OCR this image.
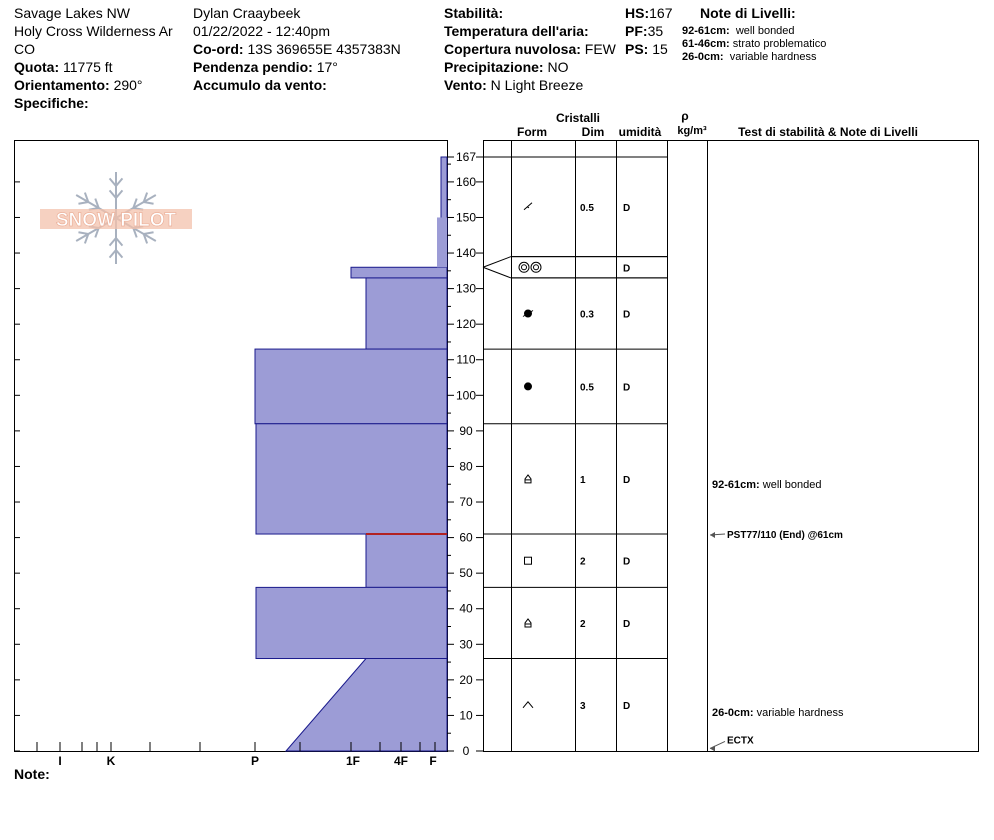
Savage Lakes NW
Holy Cross Wilderness Ar
CO
Quota: 11775 ft
Orientamento: 290°
Specifiche:
Dylan Craaybeek
01/22/2022 - 12:40pm
Co-ord: 13S 369655E 4357383N
Pendenza pendio: 17°
Accumulo da vento:
Stabilità:
Temperatura dell'aria:
Copertura nuvolosa: FEW
Precipitazione: NO
Vento: N Light Breeze
HS:167
PF:35
PS: 15
Note di Livelli:
92-61cm: well bonded
61-46cm: strato problematico
26-0cm: variable hardness
SNOW PILOT
I	K	P	1F	4F F
0
10
20
30
40
50
60
70
80
90
100
110
120
130
140
150
160
167
0.5	D
D
0.3	D
0.5	D
1	D
2	D
2	D
3	D
92-61cm: well bonded
PST77/110 (End) @61cm
26-0cm: variable hardness
ECTX
Cristalli
Form	Dim umidità
ρ
kg/m³	Test di stabilità & Note di Livelli
Note:
